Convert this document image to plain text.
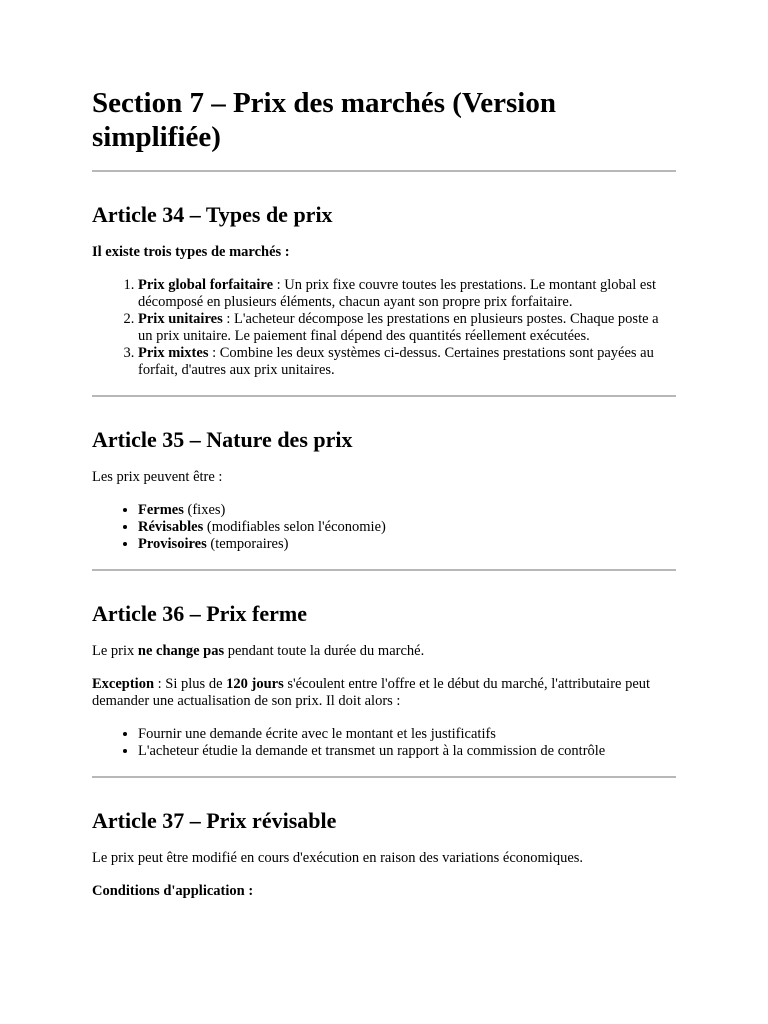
Section 7 – Prix des marchés (Version simplifiée)
Article 34 – Types de prix

Il existe trois types de marchés :

1. Prix global forfaitaire : Un prix fixe couvre toutes les prestations. Le montant global est décomposé en plusieurs éléments, chacun ayant son propre prix forfaitaire.
2. Prix unitaires : L'acheteur décompose les prestations en plusieurs postes. Chaque poste a un prix unitaire. Le paiement final dépend des quantités réellement exécutées.
3. Prix mixtes : Combine les deux systèmes ci-dessus. Certaines prestations sont payées au forfait, d'autres aux prix unitaires.
Article 35 – Nature des prix

Les prix peuvent être :

• Fermes (fixes)
• Révisables (modifiables selon l'économie)
• Provisoires (temporaires)
Article 36 – Prix ferme

Le prix ne change pas pendant toute la durée du marché.

Exception : Si plus de 120 jours s'écoulent entre l'offre et le début du marché, l'attributaire peut demander une actualisation de son prix. Il doit alors :

• Fournir une demande écrite avec le montant et les justificatifs
• L'acheteur étudie la demande et transmet un rapport à la commission de contrôle
Article 37 – Prix révisable

Le prix peut être modifié en cours d'exécution en raison des variations économiques.

Conditions d'application :
